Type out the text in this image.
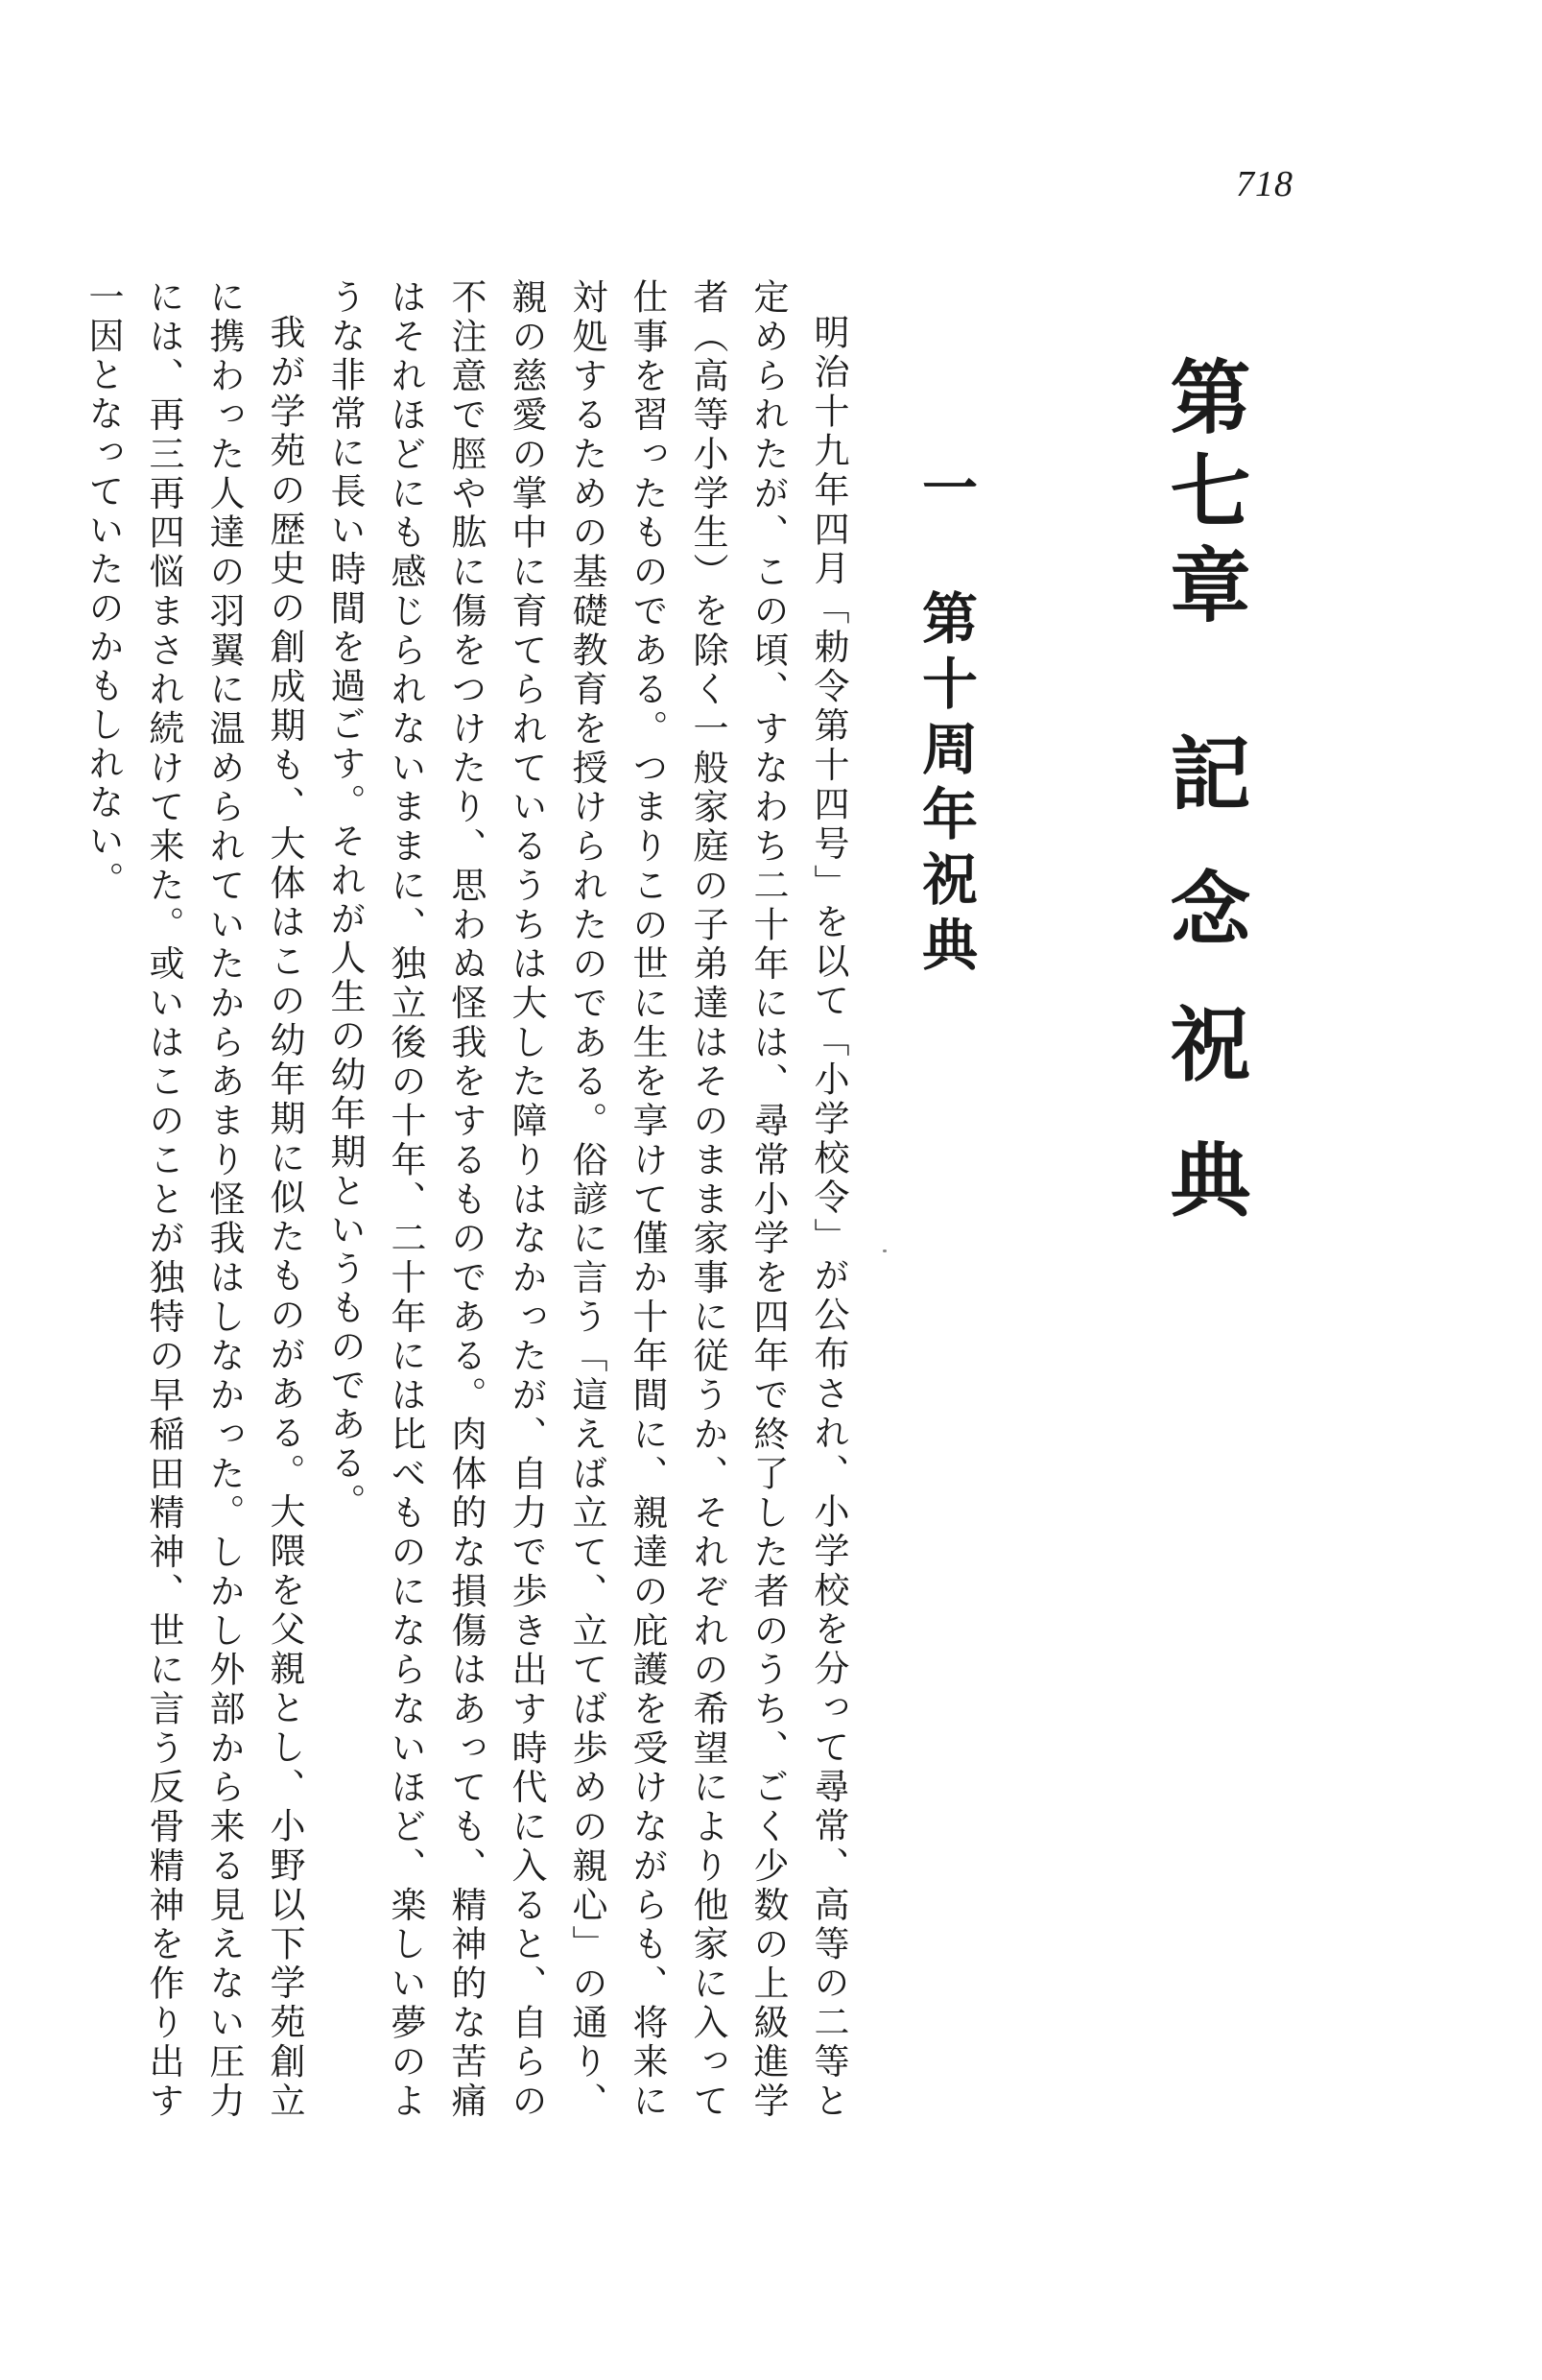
718
第七章　記 念 祝 典
一　第十周年祝典

明治十九年四月「勅令第十四号」を以て「小学校令」が公布され、小学校を分って尋常、高等の二等と定められたが、この頃、すなわち二十年には、尋常小学を四年で終了した者のうち、ごく少数の上級進学者（高等小学生）を除く一般家庭の子弟達はそのまま家事に従うか、それぞれの希望により他家に入って仕事を習ったものである。つまりこの世に生を享けて僅か十年間に、親達の庇護を受けながらも、将来に対処するための基礎教育を授けられたのである。俗諺に言う「這えば立て、立てば歩めの親心」の通り、親の慈愛の掌中に育てられているうちは大した障りはなかったが、自力で歩き出す時代に入ると、自らの不注意で脛や肱に傷をつけたり、思わぬ怪我をするものである。肉体的な損傷はあっても、精神的な苦痛はそれほどにも感じられないままに、独立後の十年、二十年には比べものにならないほど、楽しい夢のような非常に長い時間を過ごす。それが人生の幼年期というものである。

我が学苑の歴史の創成期も、大体はこの幼年期に似たものがある。大隈を父親とし、小野以下学苑創立に携わった人達の羽翼に温められていたからあまり怪我はしなかった。しかし外部から来る見えない圧力には、再三再四悩まされ続けて来た。或いはこのことが独特の早稲田精神、世に言う反骨精神を作り出す一因となっていたのかもしれない。
